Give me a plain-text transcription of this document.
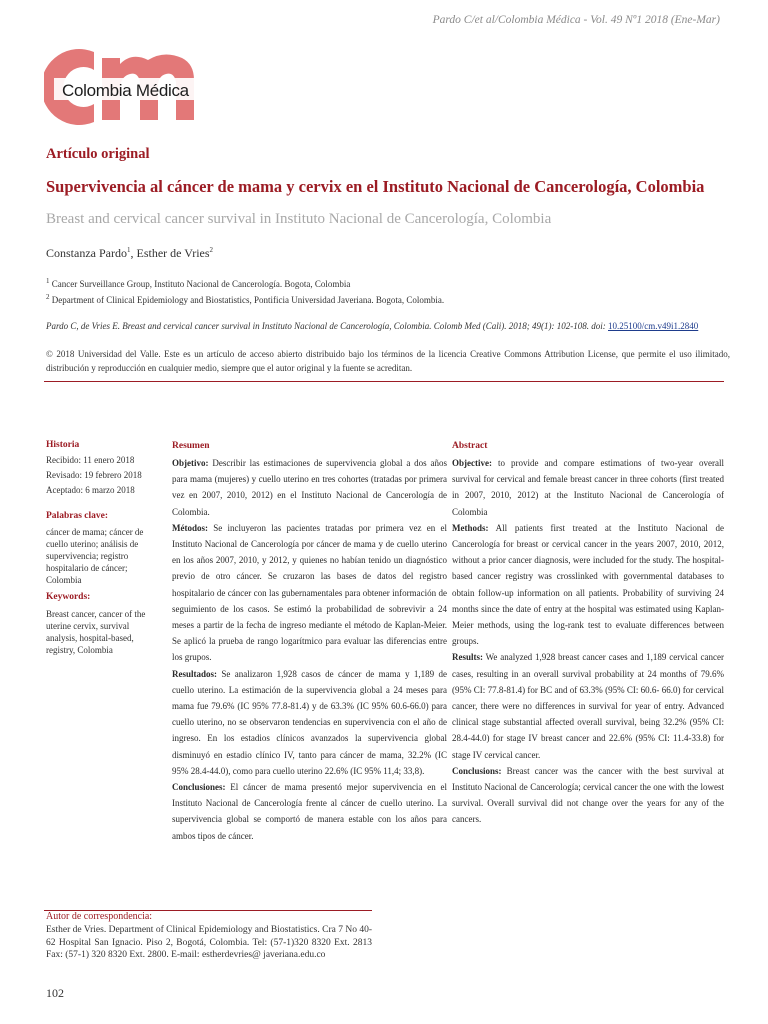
Pardo C/et al/Colombia Médica - Vol. 49 Nº1 2018 (Ene-Mar)
Colombia Médica
Artículo original
Supervivencia al cáncer de mama y cervix en el Instituto Nacional de Cancerología, Colombia
Breast and cervical cancer survival in Instituto Nacional de Cancerología, Colombia
Constanza Pardo$^1$, Esther de Vries$^2$
$^1$ Cancer Surveillance Group, Instituto Nacional de Cancerología. Bogota, Colombia
$^2$ Department of Clinical Epidemiology and Biostatistics, Pontificia Universidad Javeriana. Bogota, Colombia.
Pardo C, de Vries E. Breast and cervical cancer survival in Instituto Nacional de Cancerología, Colombia. Colomb Med (Cali). 2018; 49(1): 102-108. doi: 10.25100/cm.v49i1.2840
© 2018 Universidad del Valle. Este es un artículo de acceso abierto distribuido bajo los términos de la licencia Creative Commons Attribution License, que permite el uso ilimitado, distribución y reproducción en cualquier medio, siempre que el autor original y la fuente se acreditan.
Historia
Recibido: 11 enero 2018
Revisado: 19 febrero 2018
Aceptado: 6 marzo 2018
Palabras clave:
cáncer de mama; cáncer de cuello uterino; análisis de supervivencia; registro hospitalario de cáncer; Colombia
Keywords:
Breast cancer, cancer of the uterine cervix, survival analysis, hospital-based, registry, Colombia
Resumen

Objetivo: Describir las estimaciones de supervivencia global a dos años para mama (mujeres) y cuello uterino en tres cohortes (tratadas por primera vez en 2007, 2010, 2012) en el Instituto Nacional de Cancerología de Colombia.

Métodos: Se incluyeron las pacientes tratadas por primera vez en el Instituto Nacional de Cancerología por cáncer de mama y de cuello uterino en los años 2007, 2010, y 2012, y quienes no habían tenido un diagnóstico previo de otro cáncer. Se cruzaron las bases de datos del registro hospitalario de cáncer con las gubernamentales para obtener información de seguimiento de los casos. Se estimó la probabilidad de sobrevivir a 24 meses a partir de la fecha de ingreso mediante el método de Kaplan-Meier. Se aplicó la prueba de rango logarítmico para evaluar las diferencias entre los grupos.

Resultados: Se analizaron 1,928 casos de cáncer de mama y 1,189 de cuello uterino. La estimación de la supervivencia global a 24 meses para mama fue 79.6% (IC 95% 77.8-81.4) y de 63.3% (IC 95% 60.6-66.0) para cuello uterino, no se observaron tendencias en supervivencia con el año de ingreso. En los estadios clínicos avanzados la supervivencia global disminuyó en estadio clínico IV, tanto para cáncer de mama, 32.2% (IC 95% 28.4-44.0), como para cuello uterino 22.6% (IC 95% 11,4; 33,8).

Conclusiones: El cáncer de mama presentó mejor supervivencia en el Instituto Nacional de Cancerología frente al cáncer de cuello uterino. La supervivencia global se comportó de manera estable con los años para ambos tipos de cáncer.

Abstract

Objective: to provide and compare estimations of two-year overall survival for cervical and female breast cancer in three cohorts (first treated in 2007, 2010, 2012) at the Instituto Nacional de Cancerología of Colombia

Methods: All patients first treated at the Instituto Nacional de Cancerología for breast or cervical cancer in the years 2007, 2010, 2012, without a prior cancer diagnosis, were included for the study. The hospital-based cancer registry was crosslinked with governmental databases to obtain follow-up information on all patients. Probability of surviving 24 months since the date of entry at the hospital was estimated using Kaplan-Meier methods, using the log-rank test to evaluate differences between groups.

Results: We analyzed 1,928 breast cancer cases and 1,189 cervical cancer cases, resulting in an overall survival probability at 24 months of 79.6% (95% CI: 77.8-81.4) for BC and of 63.3% (95% CI: 60.6- 66.0) for cervical cancer, there were no differences in survival for year of entry. Advanced clinical stage substantial affected overall survival, being 32.2% (95% CI: 28.4-44.0) for stage IV breast cancer and 22.6% (95% CI: 11.4-33.8) for stage IV cervical cancer.

Conclusions: Breast cancer was the cancer with the best survival at Instituto Nacional de Cancerología; cervical cancer the one with the lowest survival. Overall survival did not change over the years for any of the cancers.

Autor de correspondencia:
Esther de Vries. Department of Clinical Epidemiology and Biostatistics. Cra 7 No 40-62 Hospital San Ignacio. Piso 2, Bogotá, Colombia. Tel: (57-1)320 8320 Ext. 2813 Fax: (57-1) 320 8320 Ext. 2800. E-mail: estherdevries@ javeriana.edu.co
102
